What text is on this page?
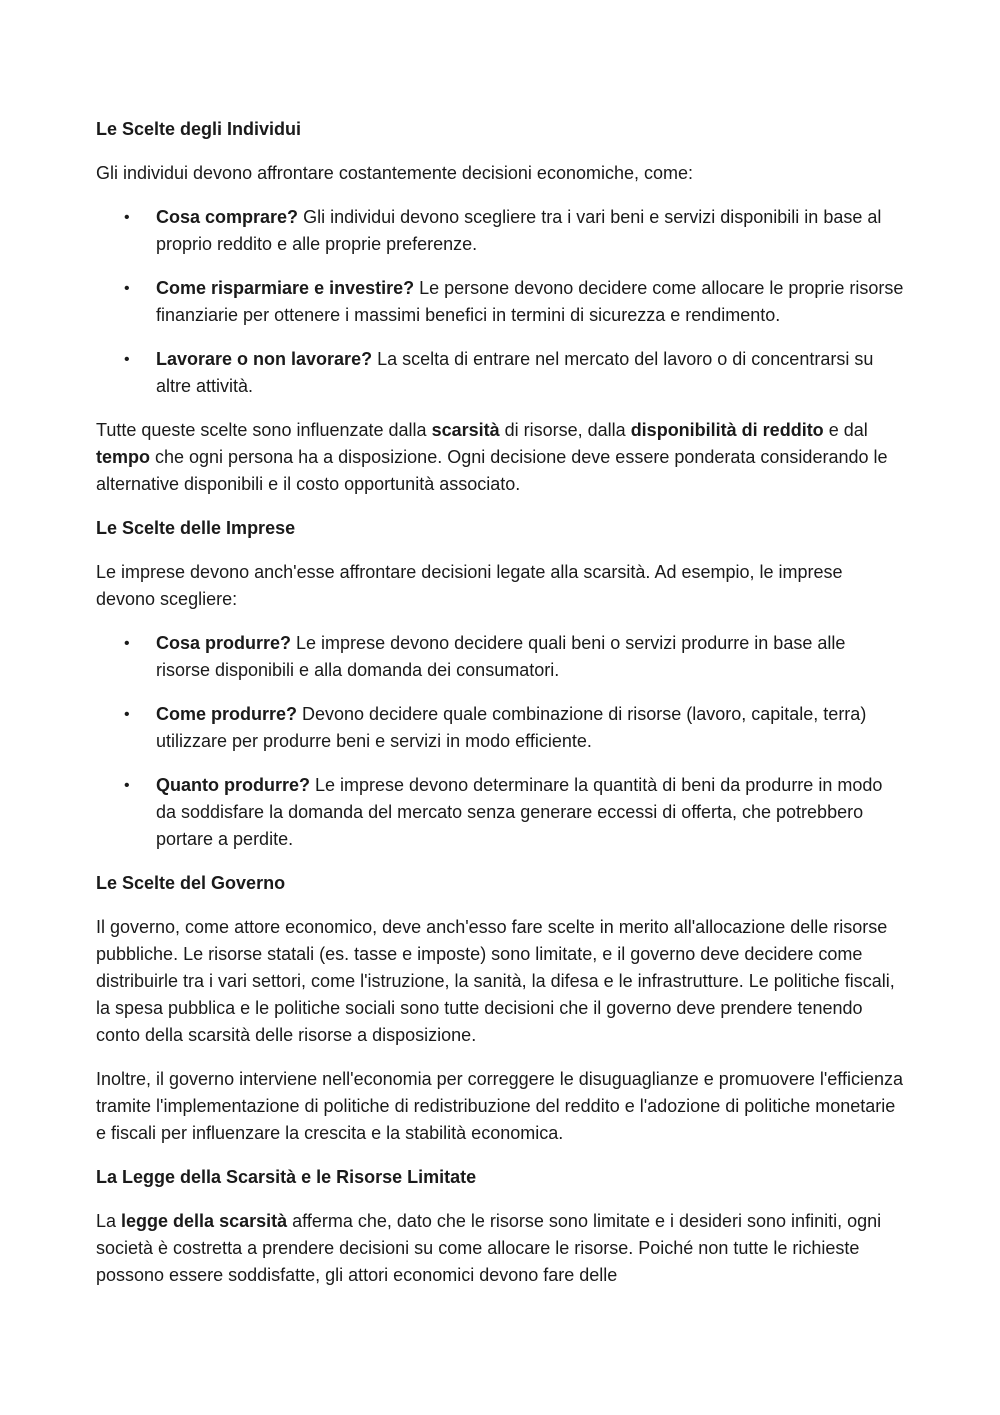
Le Scelte degli Individui

Gli individui devono affrontare costantemente decisioni economiche, come:

• Cosa comprare? Gli individui devono scegliere tra i vari beni e servizi disponibili in base al proprio reddito e alle proprie preferenze.
• Come risparmiare e investire? Le persone devono decidere come allocare le proprie risorse finanziarie per ottenere i massimi benefici in termini di sicurezza e rendimento.
• Lavorare o non lavorare? La scelta di entrare nel mercato del lavoro o di concentrarsi su altre attività.

Tutte queste scelte sono influenzate dalla scarsità di risorse, dalla disponibilità di reddito e dal tempo che ogni persona ha a disposizione. Ogni decisione deve essere ponderata considerando le alternative disponibili e il costo opportunità associato.

Le Scelte delle Imprese

Le imprese devono anch'esse affrontare decisioni legate alla scarsità. Ad esempio, le imprese devono scegliere:

• Cosa produrre? Le imprese devono decidere quali beni o servizi produrre in base alle risorse disponibili e alla domanda dei consumatori.
• Come produrre? Devono decidere quale combinazione di risorse (lavoro, capitale, terra) utilizzare per produrre beni e servizi in modo efficiente.
• Quanto produrre? Le imprese devono determinare la quantità di beni da produrre in modo da soddisfare la domanda del mercato senza generare eccessi di offerta, che potrebbero portare a perdite.
Le Scelte del Governo

Il governo, come attore economico, deve anch'esso fare scelte in merito all'allocazione delle risorse pubbliche. Le risorse statali (es. tasse e imposte) sono limitate, e il governo deve decidere come distribuirle tra i vari settori, come l'istruzione, la sanità, la difesa e le infrastrutture. Le politiche fiscali, la spesa pubblica e le politiche sociali sono tutte decisioni che il governo deve prendere tenendo conto della scarsità delle risorse a disposizione.

Inoltre, il governo interviene nell'economia per correggere le disuguaglianze e promuovere l'efficienza tramite l'implementazione di politiche di redistribuzione del reddito e l'adozione di politiche monetarie e fiscali per influenzare la crescita e la stabilità economica.

La Legge della Scarsità e le Risorse Limitate

La legge della scarsità afferma che, dato che le risorse sono limitate e i desideri sono infiniti, ogni società è costretta a prendere decisioni su come allocare le risorse. Poiché non tutte le richieste possono essere soddisfatte, gli attori economici devono fare delle
